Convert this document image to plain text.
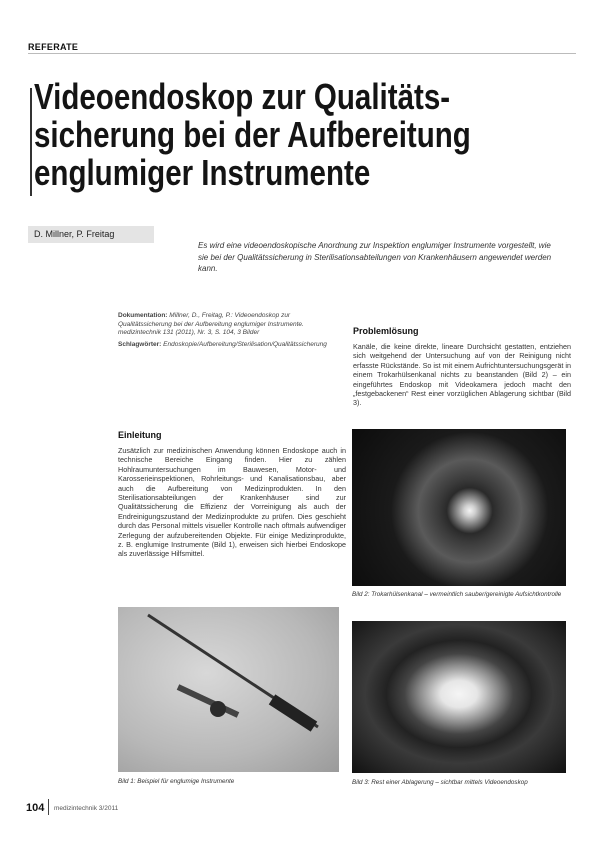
REFERATE
Videoendoskop zur Qualitäts-
sicherung bei der Aufbereitung
englumiger Instrumente
D. Millner, P. Freitag
Es wird eine videoendoskopische Anordnung zur Inspektion englumiger Instrumente vorgestellt, wie sie bei der Qualitätssicherung in Sterilisationsabteilungen von Krankenhäusern angewendet werden kann.
Dokumentation: Millner, D., Freitag, P.: Videoendoskop zur Qualitätssicherung bei der Aufbereitung englumiger Instrumente. medizintechnik 131 (2011), Nr. 3, S. 104, 3 Bilder
Schlagwörter: Endoskopie/Aufbereitung/Sterilisation/Qualitätssicherung
Einleitung
Zusätzlich zur medizinischen Anwendung können Endoskope auch in technische Bereiche Eingang finden. Hier zu zählen Hohlraumuntersuchungen im Bauwesen, Motor- und Karosserieinspektionen, Rohrleitungs- und Kanalisationsbau, aber auch die Aufbereitung von Medizinprodukten. In den Sterilisationsabteilungen der Krankenhäuser sind zur Qualitätssicherung die Effizienz der Vorreinigung als auch der Endreinigungszustand der Medizinprodukte zu prüfen. Dies geschieht durch das Personal mittels visueller Kontrolle nach oftmals aufwendiger Zerlegung der aufzubereitenden Objekte. Für einige Medizinprodukte, z. B. englumige Instrumente (Bild 1), erweisen sich hierbei Endoskope als zuverlässige Hilfsmittel.
Problemlösung
Kanäle, die keine direkte, lineare Durchsicht gestatten, entziehen sich weitgehend der Untersuchung auf von der Reinigung nicht erfasste Rückstände. So ist mit einem Aufrichtuntersuchungsgerät in einem Trokarhülsenkanal nichts zu beanstanden (Bild 2) – ein eingeführtes Endoskop mit Videokamera jedoch macht den „festgebackenen“ Rest einer vorzüglichen Ablagerung sichtbar (Bild 3).
Bild 1: Beispiel für englumige Instrumente
Bild 2: Trokarhülsenkanal – vermeintlich sauber/gereinigte Aufsichtkontrolle
Bild 3: Rest einer Ablagerung – sichtbar mittels Videoendoskop
104 medizintechnik 3/2011
